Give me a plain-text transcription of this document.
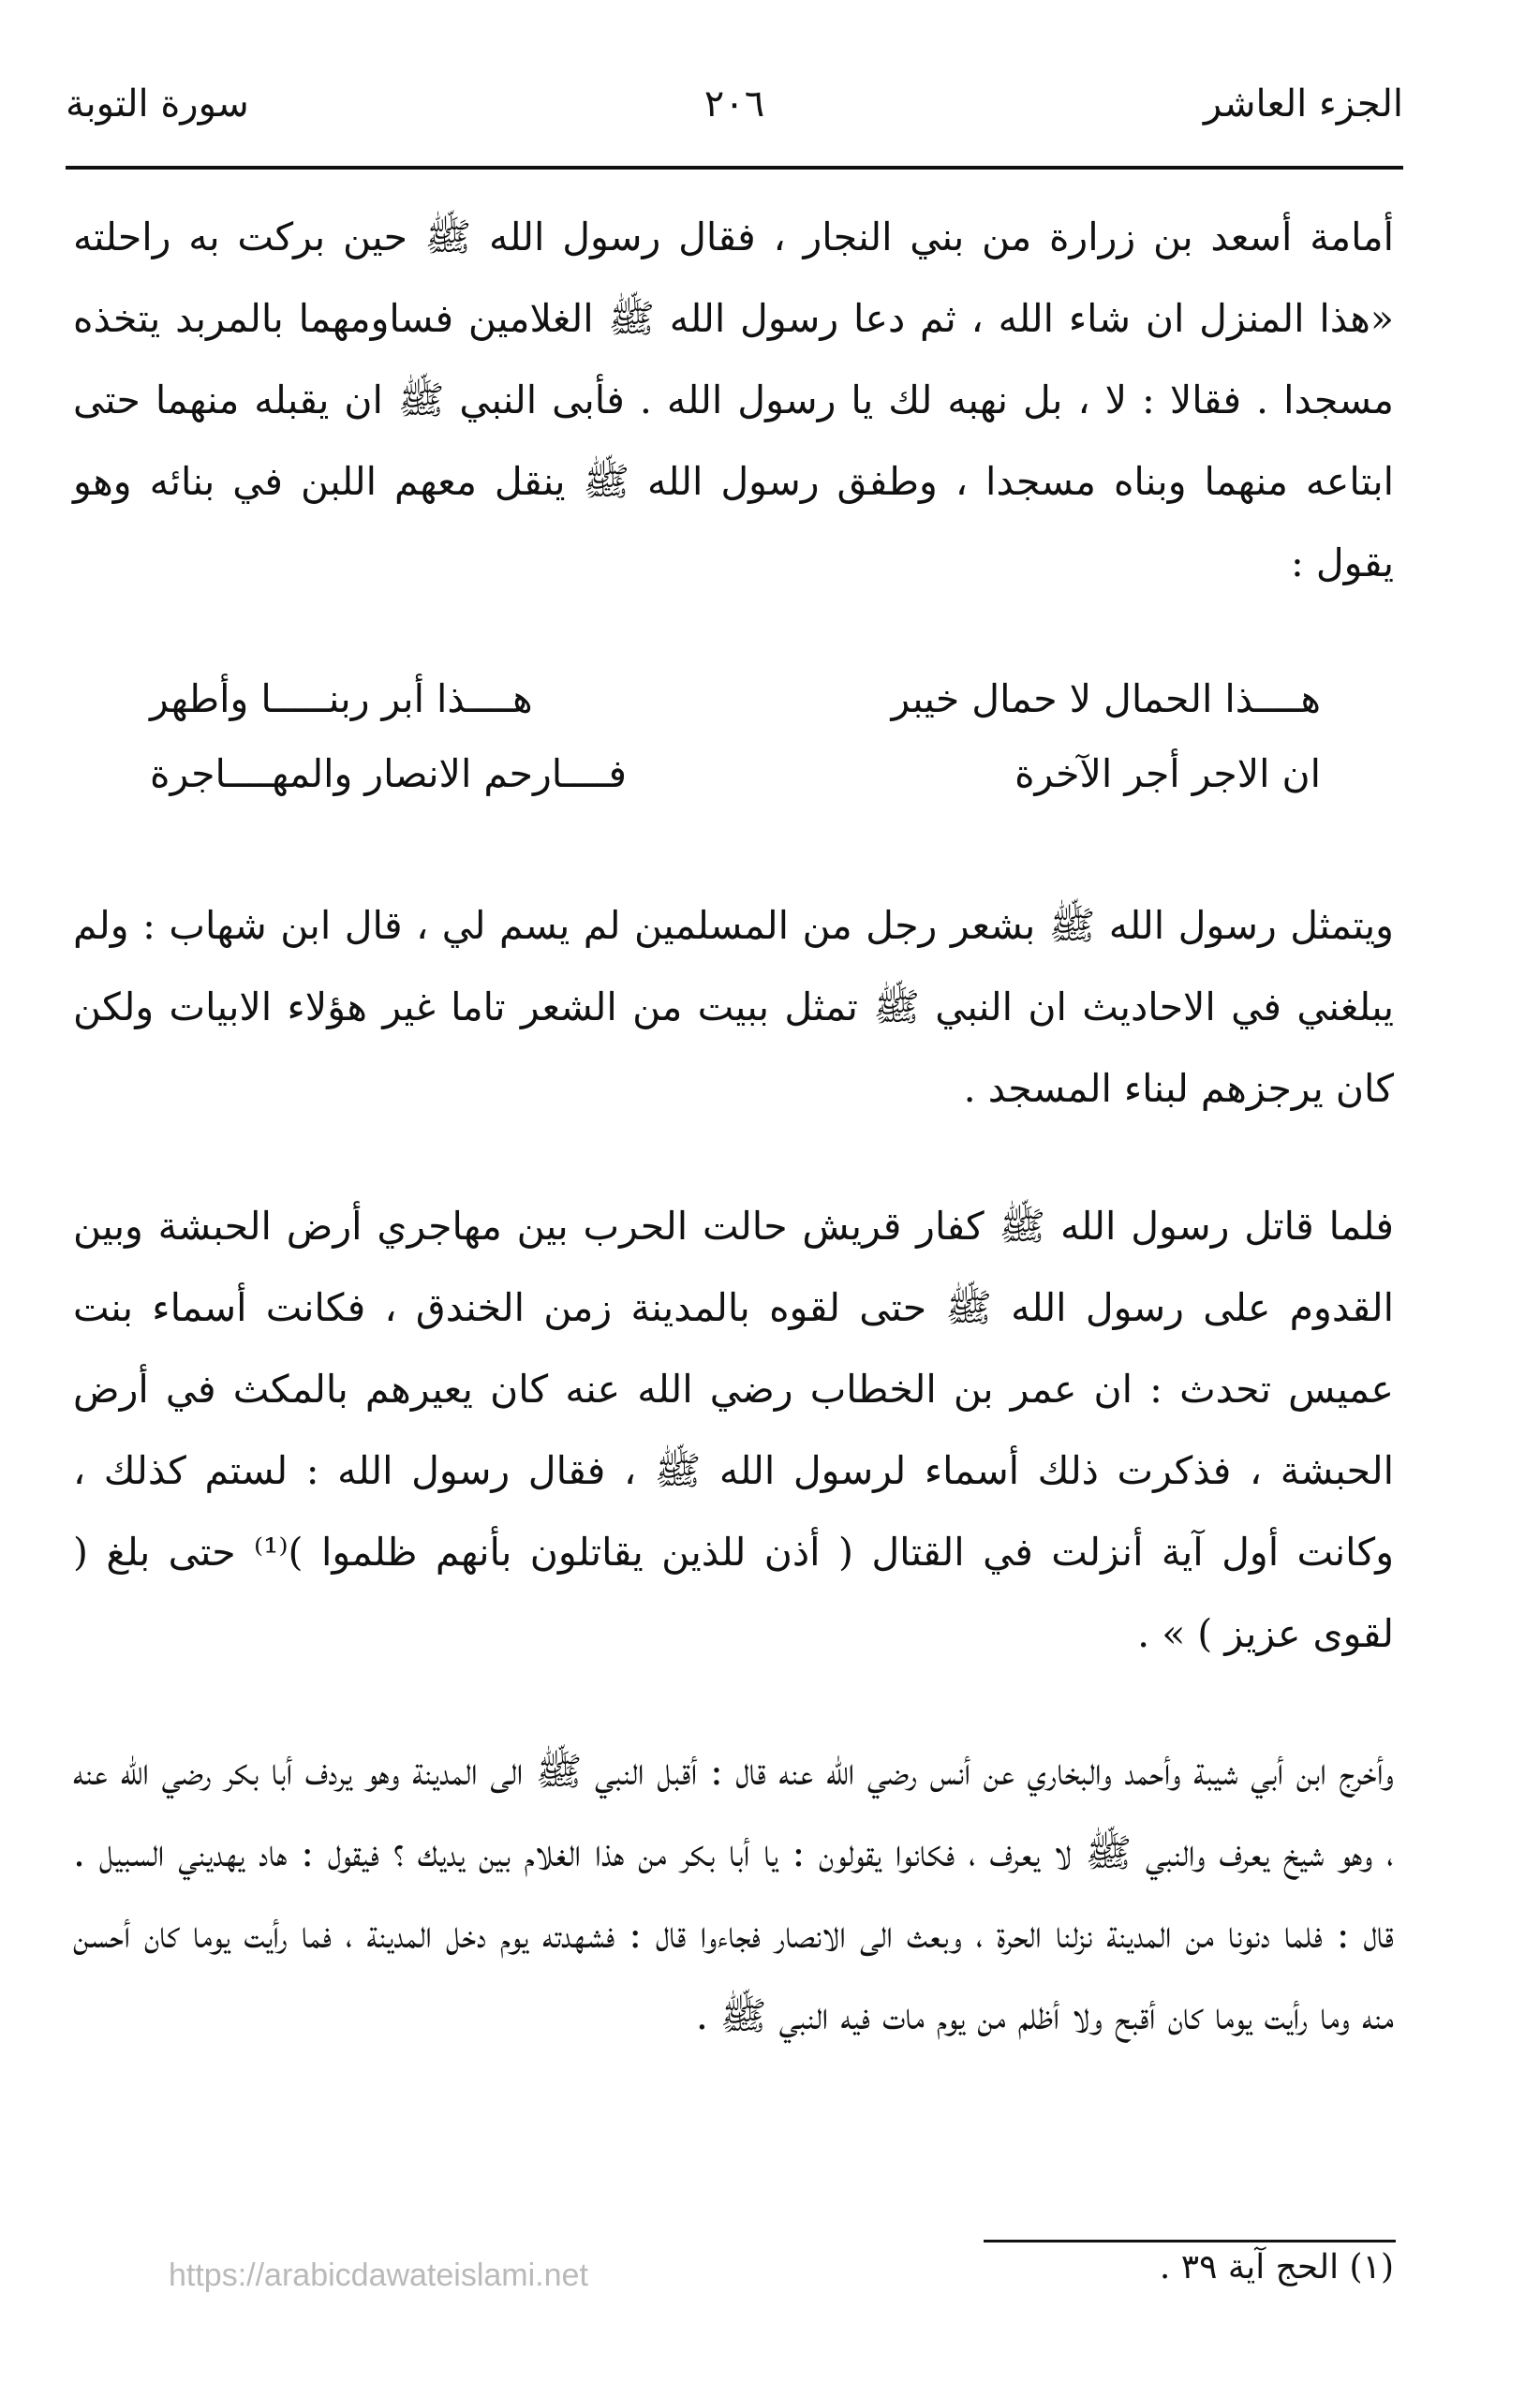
الجزء العاشر
٢٠٦
سورة التوبة

أمامة أسعد بن زرارة من بني النجار ، فقال رسول الله ﷺ حين بركت به راحلته «هذا المنزل ان شاء الله ، ثم دعا رسول الله ﷺ الغلامين فساومهما بالمربد يتخذه مسجدا . فقالا : لا ، بل نهبه لك يا رسول الله . فأبى النبي ﷺ ان يقبله منهما حتى ابتاعه منهما وبناه مسجدا ، وطفق رسول الله ﷺ ينقل معهم اللبن في بنائه وهو يقول :

ويتمثل رسول الله ﷺ بشعر رجل من المسلمين لم يسم لي ، قال ابن شهاب : ولم يبلغني في الاحاديث ان النبي ﷺ تمثل ببيت من الشعر تاما غير هؤلاء الابيات ولكن كان يرجزهم لبناء المسجد .

فلما قاتل رسول الله ﷺ كفار قريش حالت الحرب بين مهاجري أرض الحبشة وبين القدوم على رسول الله ﷺ حتى لقوه بالمدينة زمن الخندق ، فكانت أسماء بنت عميس تحدث : ان عمر بن الخطاب رضي الله عنه كان يعيرهم بالمكث في أرض الحبشة ، فذكرت ذلك أسماء لرسول الله ﷺ ، فقال رسول الله : لستم كذلك ، وكانت أول آية أنزلت في القتال ( أذن للذين يقاتلون بأنهم ظلموا )⁽¹⁾ حتى بلغ ( لقوى عزيز ) » .

وأخرج ابن أبي شيبة وأحمد والبخاري عن أنس رضي الله عنه قال : أقبل النبي ﷺ الى المدينة وهو يردف أبا بكر رضي الله عنه ، وهو شيخ يعرف والنبي ﷺ لا يعرف ، فكانوا يقولون : يا أبا بكر من هذا الغلام بين يديك ؟ فيقول : هاد يهديني السبيل . قال : فلما دنونا من المدينة نزلنا الحرة ، وبعث الى الانصار فجاءوا قال : فشهدته يوم دخل المدينة ، فما رأيت يوما كان أحسن منه وما رأيت يوما كان أقبح ولا أظلم من يوم مات فيه النبي ﷺ .

هــــذا الحمال لا حمال خيبر
هــــذا أبر ربنـــــا وأطهر
ان الاجر أجر الآخرة
فــــارحم الانصار والمهــــاجرة
(١) الحج آية ٣٩ .
https://arabicdawateislami.net
